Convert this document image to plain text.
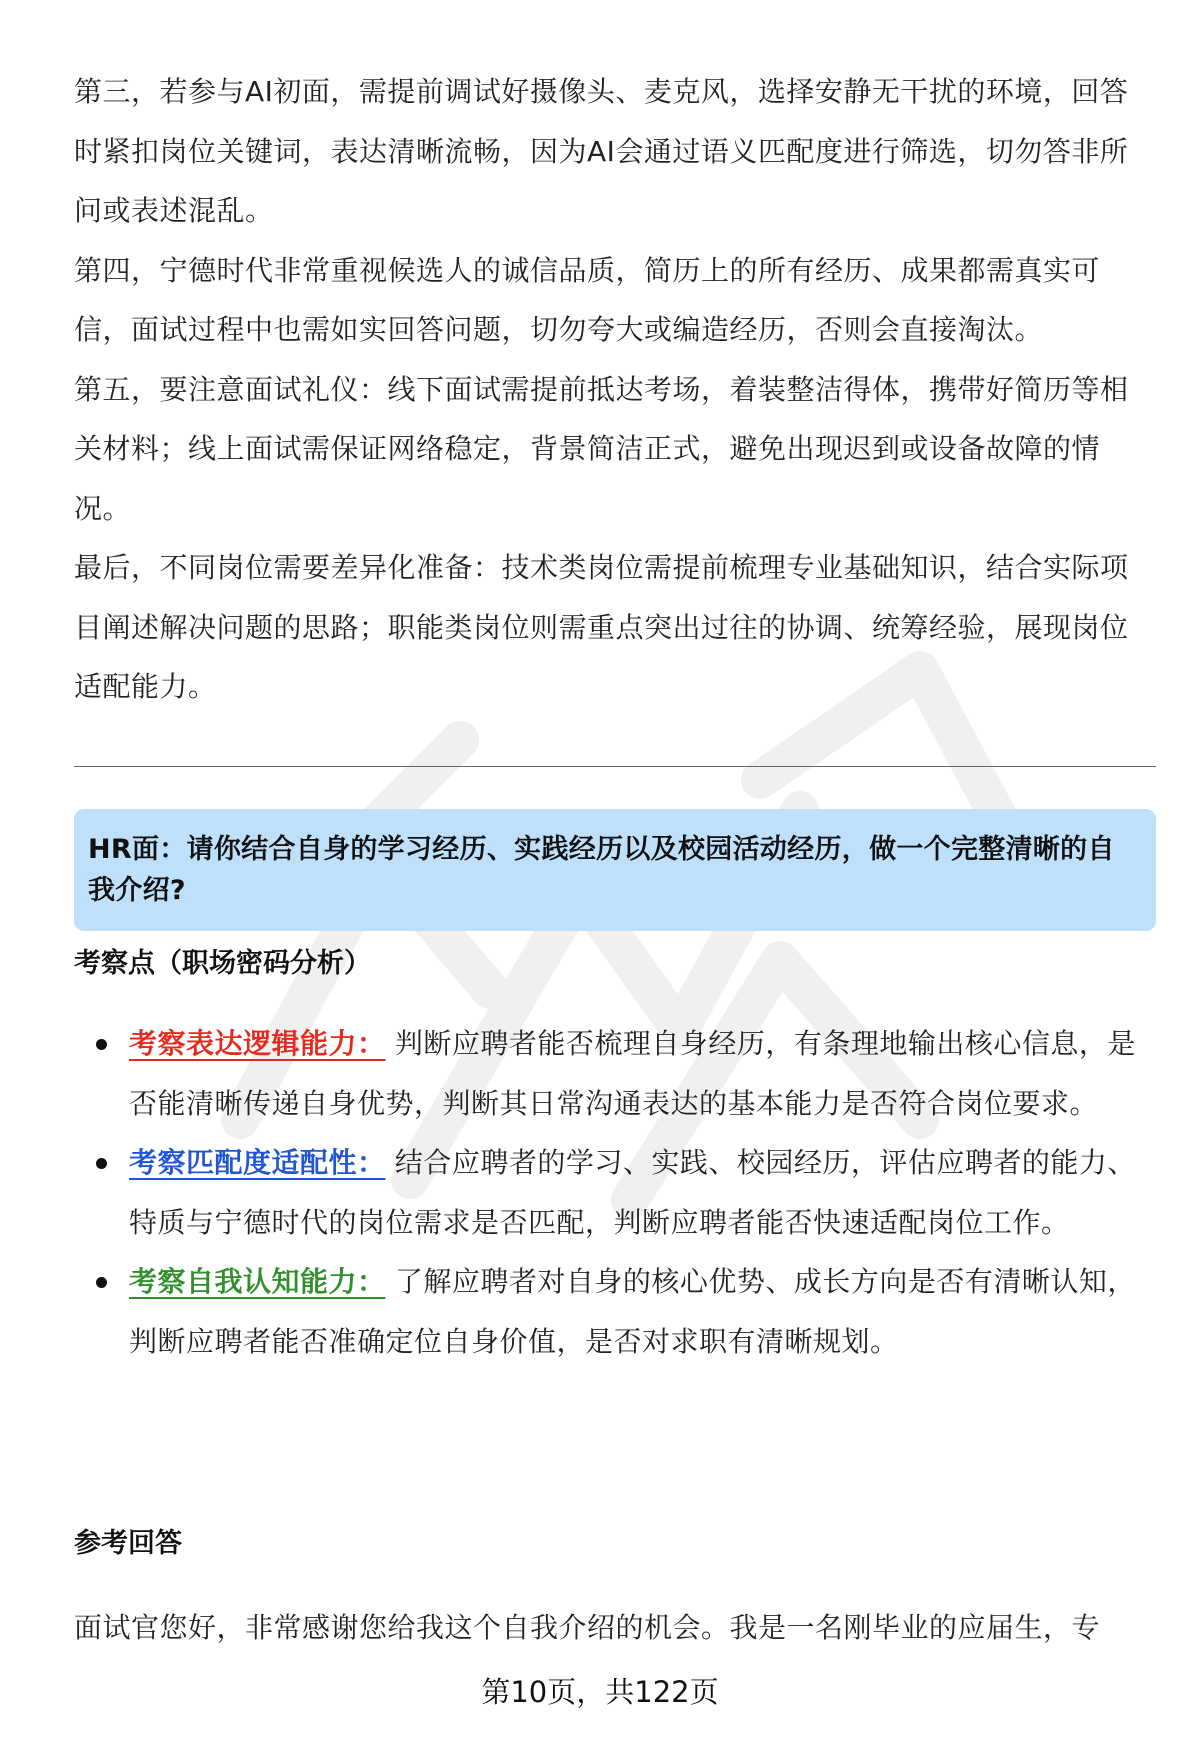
第三，若参与AI初面，需提前调试好摄像头、麦克风，选择安静无干扰的环境，回答时紧扣岗位关键词，表达清晰流畅，因为AI会通过语义匹配度进行筛选，切勿答非所问或表述混乱。

第四，宁德时代非常重视候选人的诚信品质，简历上的所有经历、成果都需真实可信，面试过程中也需如实回答问题，切勿夸大或编造经历，否则会直接淘汰。

第五，要注意面试礼仪：线下面试需提前抵达考场，着装整洁得体，携带好简历等相关材料；线上面试需保证网络稳定，背景简洁正式，避免出现迟到或设备故障的情况。

最后，不同岗位需要差异化准备：技术类岗位需提前梳理专业基础知识，结合实际项目阐述解决问题的思路；职能类岗位则需重点突出过往的协调、统筹经验，展现岗位适配能力。

HR面：请你结合自身的学习经历、实践经历以及校园活动经历，做一个完整清晰的自我介绍?
考察点（职场密码分析）
考察表达逻辑能力： 判断应聘者能否梳理自身经历，有条理地输出核心信息，是否能清晰传递自身优势，判断其日常沟通表达的基本能力是否符合岗位要求。
考察匹配度适配性： 结合应聘者的学习、实践、校园经历，评估应聘者的能力、特质与宁德时代的岗位需求是否匹配，判断应聘者能否快速适配岗位工作。
考察自我认知能力： 了解应聘者对自身的核心优势、成长方向是否有清晰认知，判断应聘者能否准确定位自身价值，是否对求职有清晰规划。
参考回答

面试官您好，非常感谢您给我这个自我介绍的机会。我是一名刚毕业的应届生，专

第10页，共122页
